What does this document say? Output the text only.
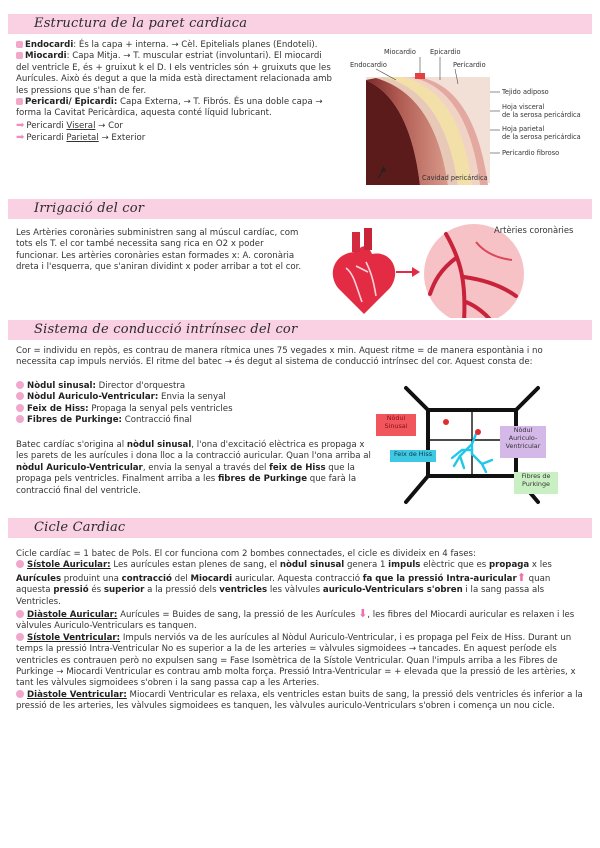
Estructura de la paret cardiaca
Endocardi: És la capa + interna. → Cèl. Epitelials planes (Endoteli).
Miocardi: Capa Mitja. → T. muscular estriat (involuntari). El miocardi del ventricle E, és + gruixut k el D. I els ventricles són + gruixuts que les Aurícules. Això és degut a que la mida està directament relacionada amb les pressions que s'han de fer.
Pericardi/ Epicardi: Capa Externa, → T. Fibrós. És una doble capa → forma la Cavitat Pericàrdica, aquesta conté líquid lubricant.
➡ Pericardi Viseral → Cor
➡ Pericardi Parietal → Exterior
Miocardio Epicardio
Endocardio	Pericardio
Tejido adiposo
Hoja visceral
de la serosa pericárdica
Hoja parietal
de la serosa pericárdica
Pericardio fibroso
Cavidad pericárdica
Irrigació del cor

Les Artèries coronàries subministren sang al múscul cardíac, com tots els T. el cor també necessita sang rica en O2 x poder funcionar. Les artèries coronàries estan formades x: A. coronària dreta i l'esquerra, que s'aniran dividint x poder arribar a tot el cor.

Artèries coronàries
Sistema de conducció intrínsec del cor

Cor = individu en repòs, es contrau de manera rítmica unes 75 vegades x min. Aquest ritme = de manera espontània i no necessita cap impuls nerviós. El ritme del batec → és degut al sistema de conducció intrínsec del cor. Aquest consta de:

Nòdul sinusal: Director d'orquestra
Nòdul Auriculo-Ventricular: Envia la senyal
Feix de Hiss: Propaga la senyal pels ventricles
Fibres de Purkinge: Contracció final

Batec cardíac s'origina al nòdul sinusal, l'ona d'excitació elèctrica es propaga x les parets de les aurícules i dona lloc a la contracció auricular. Quan l'ona arriba al nòdul Auriculo-Ventricular, envia la senyal a través del feix de Hiss que la propaga pels ventricles. Finalment arriba a les fibres de Purkinge que farà la contracció final del ventricle.

Nòdul
Sinusal	Nòdul
Auriculo-
Ventricular
Feix de Hiss
Fibres de
Purkinge
Cicle Cardiac
Cicle cardíac = 1 batec de Pols. El cor funciona com 2 bombes connectades, el cicle es divideix en 4 fases:
Sístole Auricular: Les aurícules estan plenes de sang, el nòdul sinusal genera 1 impuls elèctric que es propaga x les Aurícules produint una contracció del Miocardi auricular. Aquesta contracció fa que la pressió Intra-auricular⬆ quan aquesta pressió és superior a la pressió dels ventricles les vàlvules auriculo-Ventriculars s'obren i la sang passa als Ventricles.
Diàstole Auricular: Aurícules = Buides de sang, la pressió de les Aurícules ⬇, les fibres del Miocardi auricular es relaxen i les vàlvules Auriculo-Ventriculars es tanquen.
Sístole Ventricular: Impuls nerviós va de les aurícules al Nòdul Auriculo-Ventricular, i es propaga pel Feix de Hiss. Durant un temps la pressió Intra-Ventricular No es superior a la de les arteries = vàlvules sigmoidees → tancades. En aquest període els ventricles es contrauen però no expulsen sang = Fase Isomètrica de la Sístole Ventricular. Quan l'impuls arriba a les Fibres de Purkinge → Miocardi Ventricular es contrau amb molta força. Pressió Intra-Ventricular = + elevada que la pressió de les artèries, x tant les vàlvules sigmoidees s'obren i la sang passa cap a les Arteries.
Diàstole Ventricular: Miocardi Ventricular es relaxa, els ventricles estan buits de sang, la pressió dels ventricles és inferior a la pressió de les arteries, les vàlvules sigmoidees es tanquen, les vàlvules auriculo-Ventriculars s'obren i comença un nou cicle.
